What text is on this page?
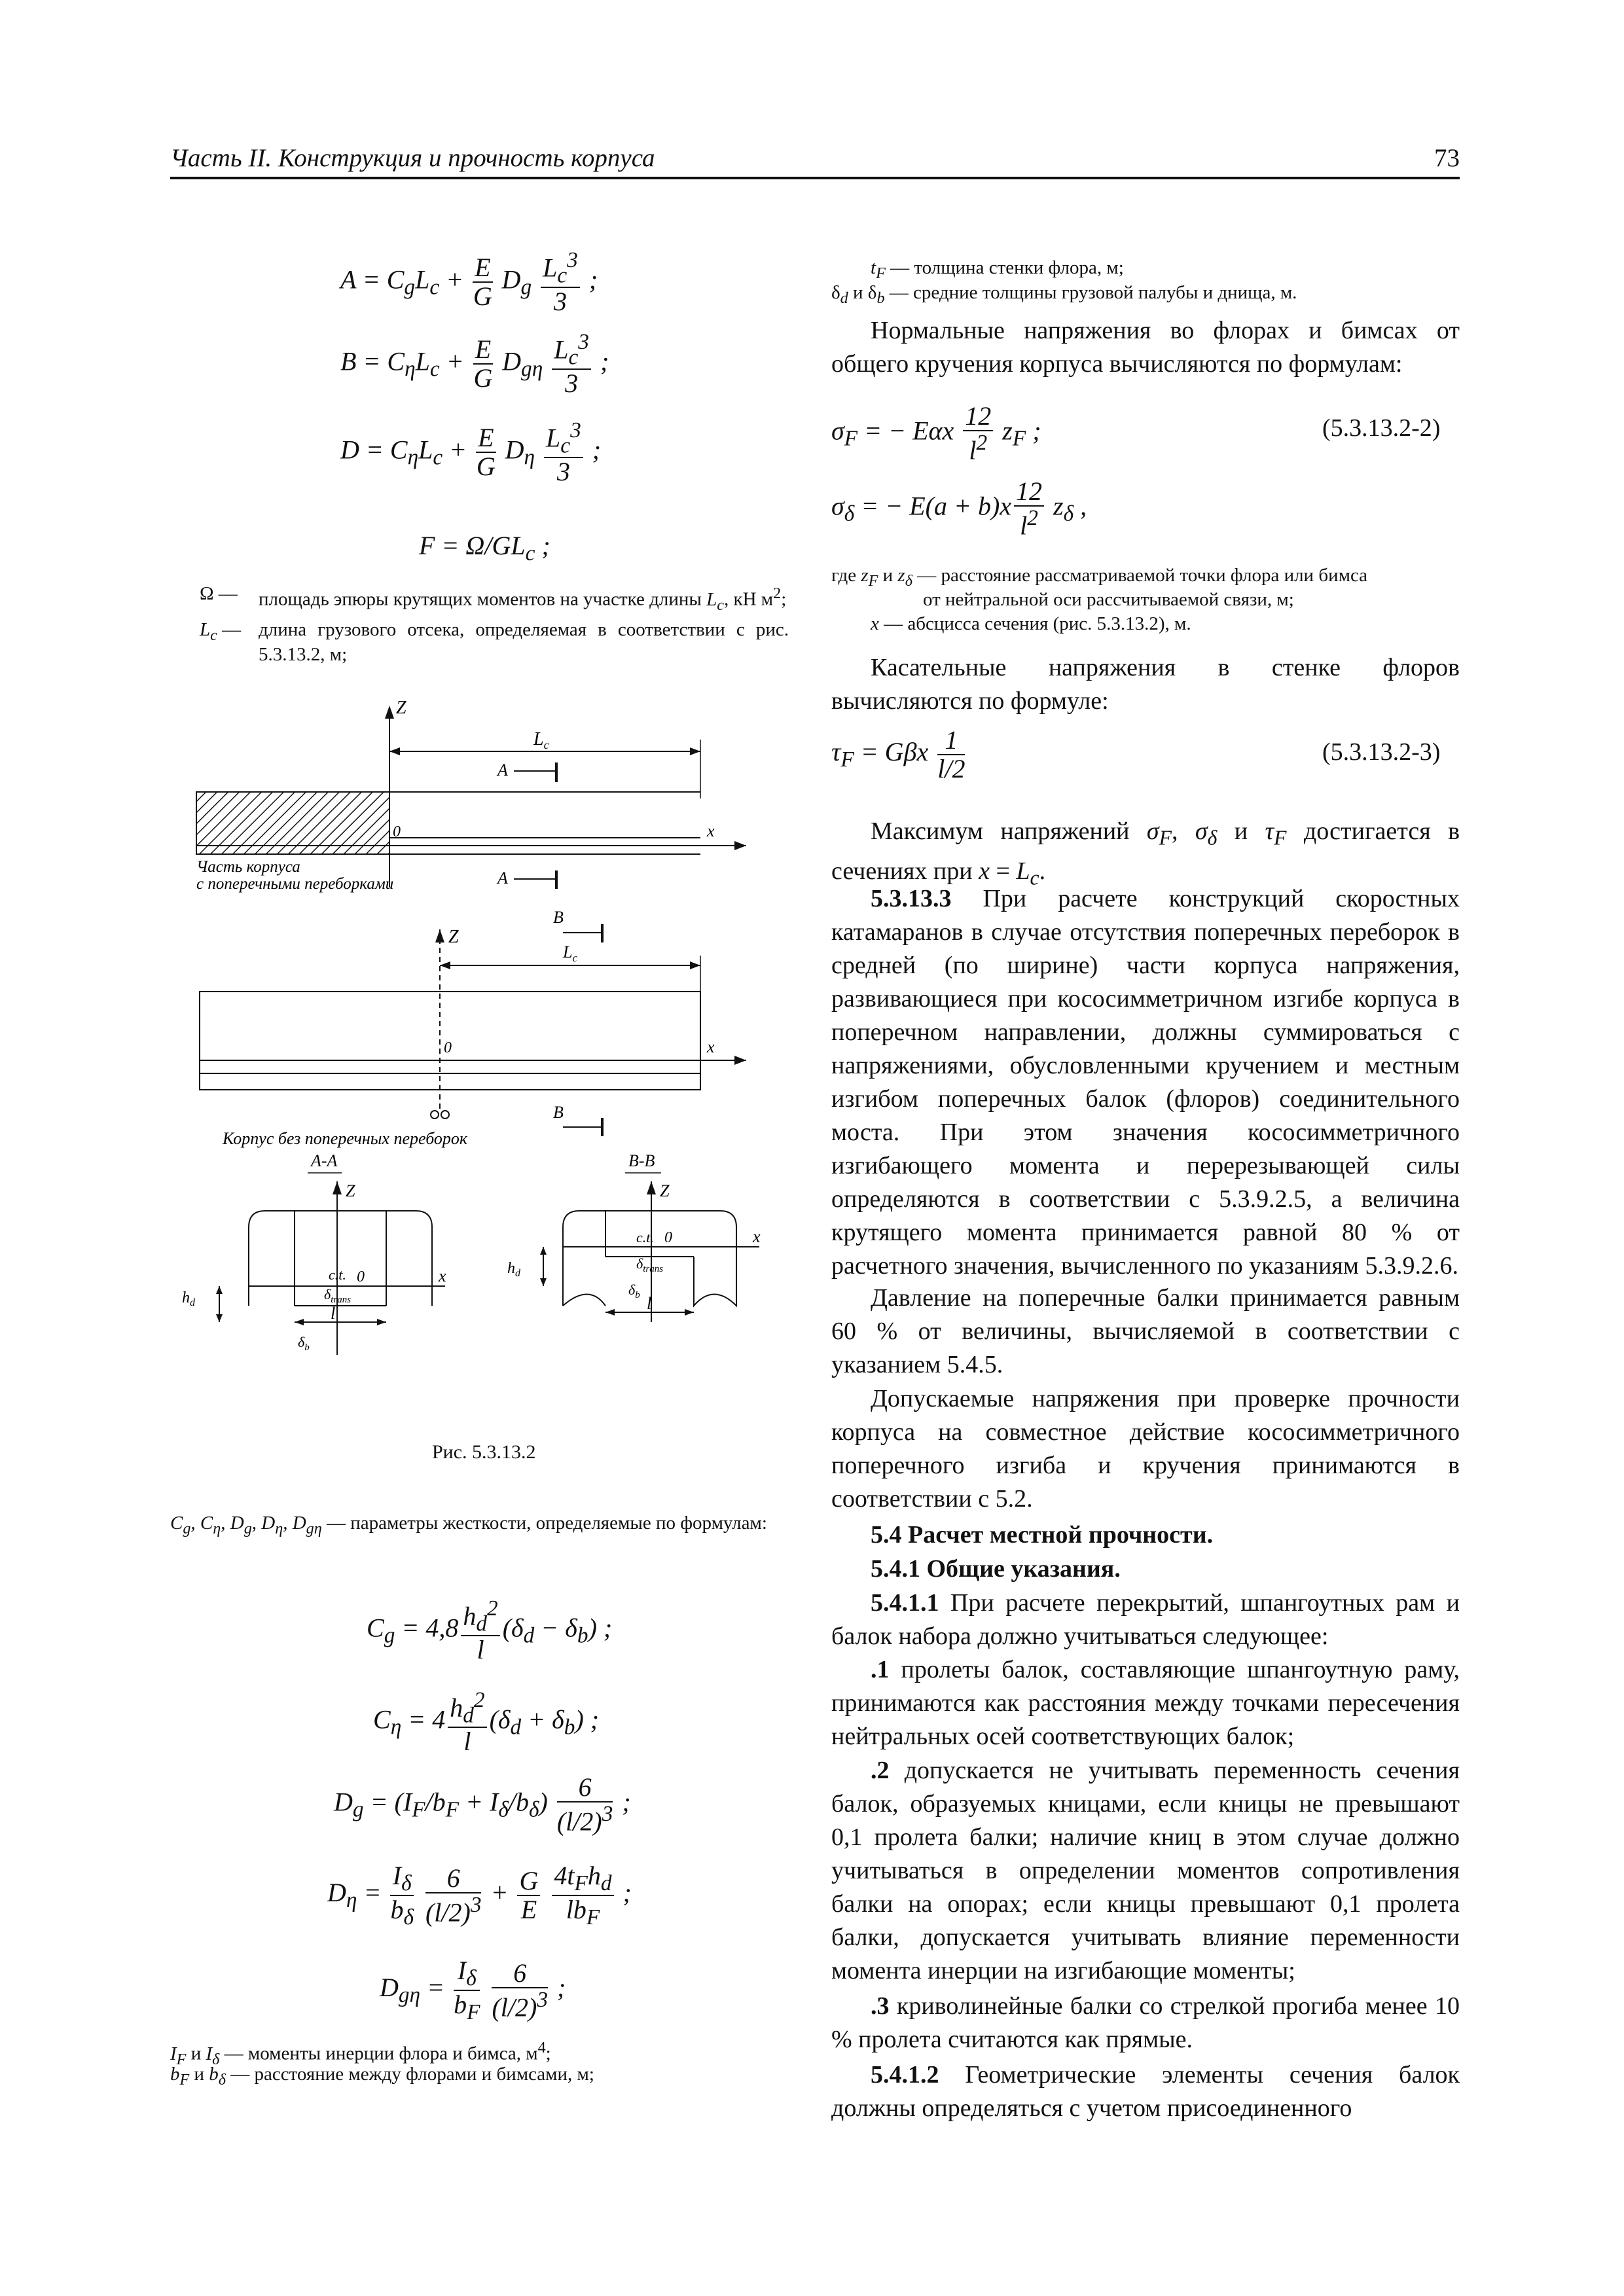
Часть II. Конструкция и прочность корпуса	73
$A = C_gL_c + \frac{E}{G} D_g \frac{L_c^3}{3}$ ;
$B = C_\eta L_c + \frac{E}{G} D_{g\eta} \frac{L_c^3}{3}$ ;
$D = C_\eta L_c + \frac{E}{G} D_\eta \frac{L_c^3}{3}$ ;
$F = \Omega/GL_c$ ;
Ω —	площадь эпюры крутящих моментов на участке длины $L_c$, кН $м^2$;
$L_c$ — длина грузового отсека, определяемая в соответствии с рис. 5.3.13.2, м;
Z
$L_c$
A
0	x
Часть корпуса
с поперечными переборками	A
B
Z
$L_c$
0	x
B
Корпус без поперечных переборок
A-A
Z
c.t. 0	x
$\delta_{trans}$
$h_d$
l
$\delta_b$
B-B
Z
c.t. 0	x
$\delta_{trans}$
$h_d$
$\delta_b$ l
Рис. 5.3.13.2
$C_g$, $C_\eta$, $D_g$, $D_\eta$, $D_{g\eta}$ — параметры жесткости, определяемые по формулам:
$C_g = 4,8 \frac{h_d^2}{l} (\delta_d - \delta_b)$ ;
$C_\eta = 4 \frac{h_d^2}{l} (\delta_d + \delta_b)$ ;
$D_g = (I_F/b_F + I_\delta/b_\delta) \frac{6}{(l/2)^3}$ ;
$D_\eta = \frac{I_\delta}{b_\delta}$
$\frac{6}{(l/2)^3} + \frac{G}{E}$
$\frac{4t_Fh_d}{lb_F}$ ;
$D_{g\eta} = \frac{I_\delta}{b_F}$
$\frac{6}{(l/2)^3}$ ;
$I_F$ и $I_\delta$ — моменты инерции флора и бимса, $м^4$;
$b_F$ и $b_\delta$ — расстояние между флорами и бимсами, м;
$t_F$ — толщина стенки флора, м;
$\delta_d$ и $\delta_b$ — средние толщины грузовой палубы и днища, м.
Нормальные напряжения во флорах и бимсах от общего кручения корпуса вычисляются по формулам:
$\sigma_F$ = − Eαx $\frac{12}{l^2} z_F$ ;	(5.3.13.2-2)
$\sigma_\delta$ = − $E(a + b)x \frac{12}{l^2} z_\delta$ ,
где $z_F$ и $z_\delta$ — расстояние рассматриваемой точки флора или бимса
от нейтральной оси рассчитываемой связи, м;
x — абсцисса сечения (рис. 5.3.13.2), м.
Касательные напряжения в стенке флоров вычисляются по формуле:
$\tau_F = G\beta x \frac{1}{l/2}$	(5.3.13.2-3)
Максимум напряжений $\sigma_F$, $\sigma_\delta$ и $\tau_F$ достигается в сечениях при $x = L_c$.
5.3.13.3 При расчете конструкций скоростных катамаранов в случае отсутствия поперечных переборок в средней (по ширине) части корпуса напряжения, развивающиеся при кососимметричном изгибе корпуса в поперечном направлении, должны суммироваться с напряжениями, обусловленными кручением и местным изгибом поперечных балок (флоров) соединительного моста. При этом значения кососимметричного изгибающего момента и перерезывающей силы определяются в соответствии с 5.3.9.2.5, а величина крутящего момента принимается равной 80 % от расчетного значения, вычисленного по указаниям 5.3.9.2.6.
Давление на поперечные балки принимается равным 60 % от величины, вычисляемой в соответствии с указанием 5.4.5.
Допускаемые напряжения при проверке прочности корпуса на совместное действие кососимметричного поперечного изгиба и кручения принимаются в соответствии с 5.2.
5.4 Расчет местной прочности.
5.4.1 Общие указания.
5.4.1.1 При расчете перекрытий, шпангоутных рам и балок набора должно учитываться следующее:
.1 пролеты балок, составляющие шпангоутную раму, принимаются как расстояния между точками пересечения нейтральных осей соответствующих балок;
.2 допускается не учитывать переменность сечения балок, образуемых кницами, если кницы не превышают 0,1 пролета балки; наличие книц в этом случае должно учитываться в определении моментов сопротивления балки на опорах; если кницы превышают 0,1 пролета балки, допускается учитывать влияние переменности момента инерции на изгибающие моменты;
.3 криволинейные балки со стрелкой прогиба менее 10 % пролета считаются как прямые.
5.4.1.2 Геометрические элементы сечения балок должны определяться с учетом присоединенного
